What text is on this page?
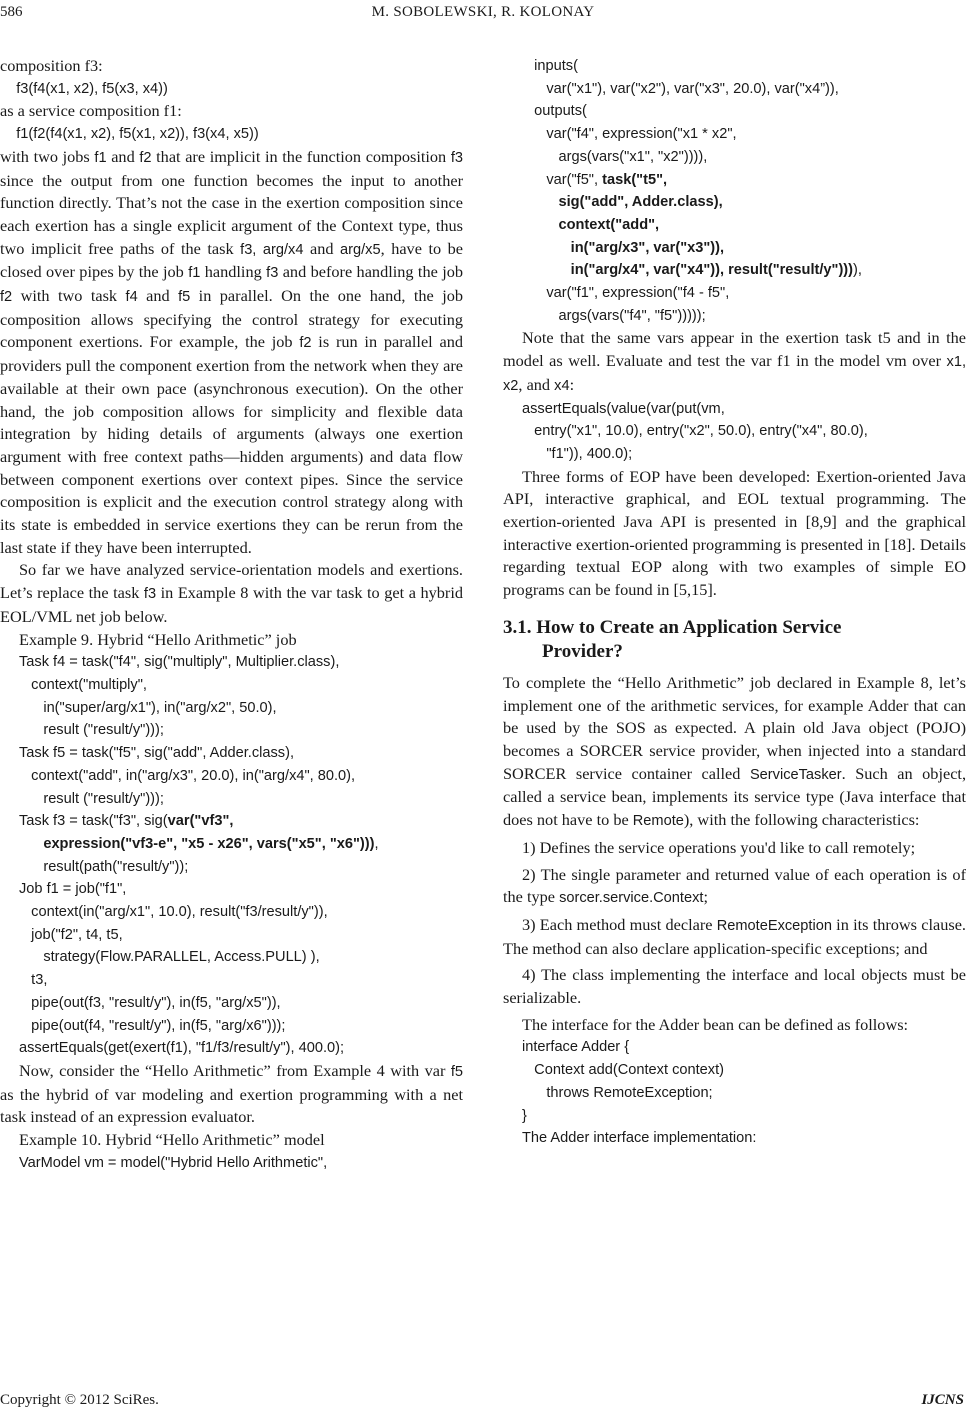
586	M. SOBOLEWSKI, R. KOLONAY

composition f3:

f3(f4(x1, x2), f5(x3, x4))

as a service composition f1:

f1(f2(f4(x1, x2), f5(x1, x2)), f3(x4, x5))

with two jobs f1 and f2 that are implicit in the function composition f3 since the output from one function becomes the input to another function directly. That’s not the case in the exertion composition since each exertion has a single explicit argument of the Context type, thus two implicit free paths of the task f3, arg/x4 and arg/x5, have to be closed over pipes by the job f1 handling f3 and before handling the job f2 with two task f4 and f5 in parallel. On the one hand, the job composition allows specifying the control strategy for executing component exertions. For example, the job f2 is run in parallel and providers pull the component exertion from the network when they are available at their own pace (asynchronous execution). On the other hand, the job composition allows for simplicity and flexible data integration by hiding details of arguments (always one exertion argument with free context paths—hidden arguments) and data flow between component exertions over context pipes. Since the service composition is explicit and the execution control strategy along with its state is embedded in service exertions they can be rerun from the last state if they have been interrupted.

So far we have analyzed service-orientation models and exertions. Let’s replace the task f3 in Example 8 with the var task to get a hybrid EOL/VML net job below.

Example 9. Hybrid “Hello Arithmetic” job

Task f4 = task("f4", sig("multiply", Multiplier.class),
context("multiply",
in("super/arg/x1"), in("arg/x2", 50.0),
result ("result/y")));
Task f5 = task("f5", sig("add", Adder.class),
context("add", in("arg/x3", 20.0), in("arg/x4", 80.0),
result ("result/y")));
Task f3 = task("f3", sig(var("vf3",
expression("vf3-e", "x5 - x26", vars("x5", "x6"))),
result(path("result/y"));
Job f1 = job("f1",
context(in("arg/x1", 10.0), result("f3/result/y")),
job("f2", t4, t5,
strategy(Flow.PARALLEL, Access.PULL) ),
t3,
pipe(out(f3, "result/y"), in(f5, "arg/x5")),
pipe(out(f4, "result/y"), in(f5, "arg/x6")));
assertEquals(get(exert(f1), "f1/f3/result/y"), 400.0);

Now, consider the “Hello Arithmetic” from Example 4 with var f5 as the hybrid of var modeling and exertion programming with a net task instead of an expression evaluator.

Example 10. Hybrid “Hello Arithmetic” model

VarModel vm = model("Hybrid Hello Arithmetic",
inputs(
var("x1"), var("x2"), var("x3", 20.0), var("x4”)),
outputs(
var("f4", expression("x1 * x2",
args(vars("x1", "x2")))),
var("f5", task("t5",
sig("add", Adder.class),
context("add",
in("arg/x3", var("x3")),
in("arg/x4", var("x4")), result("result/y")))),
var("f1", expression("f4 - f5",
args(vars("f4", "f5")))));

Note that the same vars appear in the exertion task t5 and in the model as well. Evaluate and test the var f1 in the model vm over x1, x2, and x4:

assertEquals(value(var(put(vm,
entry("x1", 10.0), entry("x2", 50.0), entry("x4", 80.0),
"f1")), 400.0);

Three forms of EOP have been developed: Exertion-oriented Java API, interactive graphical, and EOL textual programming. The exertion-oriented Java API is presented in [8,9] and the graphical interactive exertion-oriented programming is presented in [18]. Details regarding textual EOP along with two examples of simple EO programs can be found in [5,15].

3.1. How to Create an Application Service
Provider?

To complete the “Hello Arithmetic” job declared in Example 8, let’s implement one of the arithmetic services, for example Adder that can be used by the SOS as expected. A plain old Java object (POJO) becomes a SORCER service provider, when injected into a standard SORCER service container called ServiceTasker. Such an object, called a service bean, implements its service type (Java interface that does not have to be Remote), with the following characteristics:

1) Defines the service operations you'd like to call remotely;

2) The single parameter and returned value of each operation is of the type sorcer.service.Context;

3) Each method must declare RemoteException in its throws clause. The method can also declare application-specific exceptions; and

4) The class implementing the interface and local objects must be serializable.

The interface for the Adder bean can be defined as follows:

interface Adder {
Context add(Context context)
throws RemoteException;
}
The Adder interface implementation:
Copyright © 2012 SciRes.	IJCNS
